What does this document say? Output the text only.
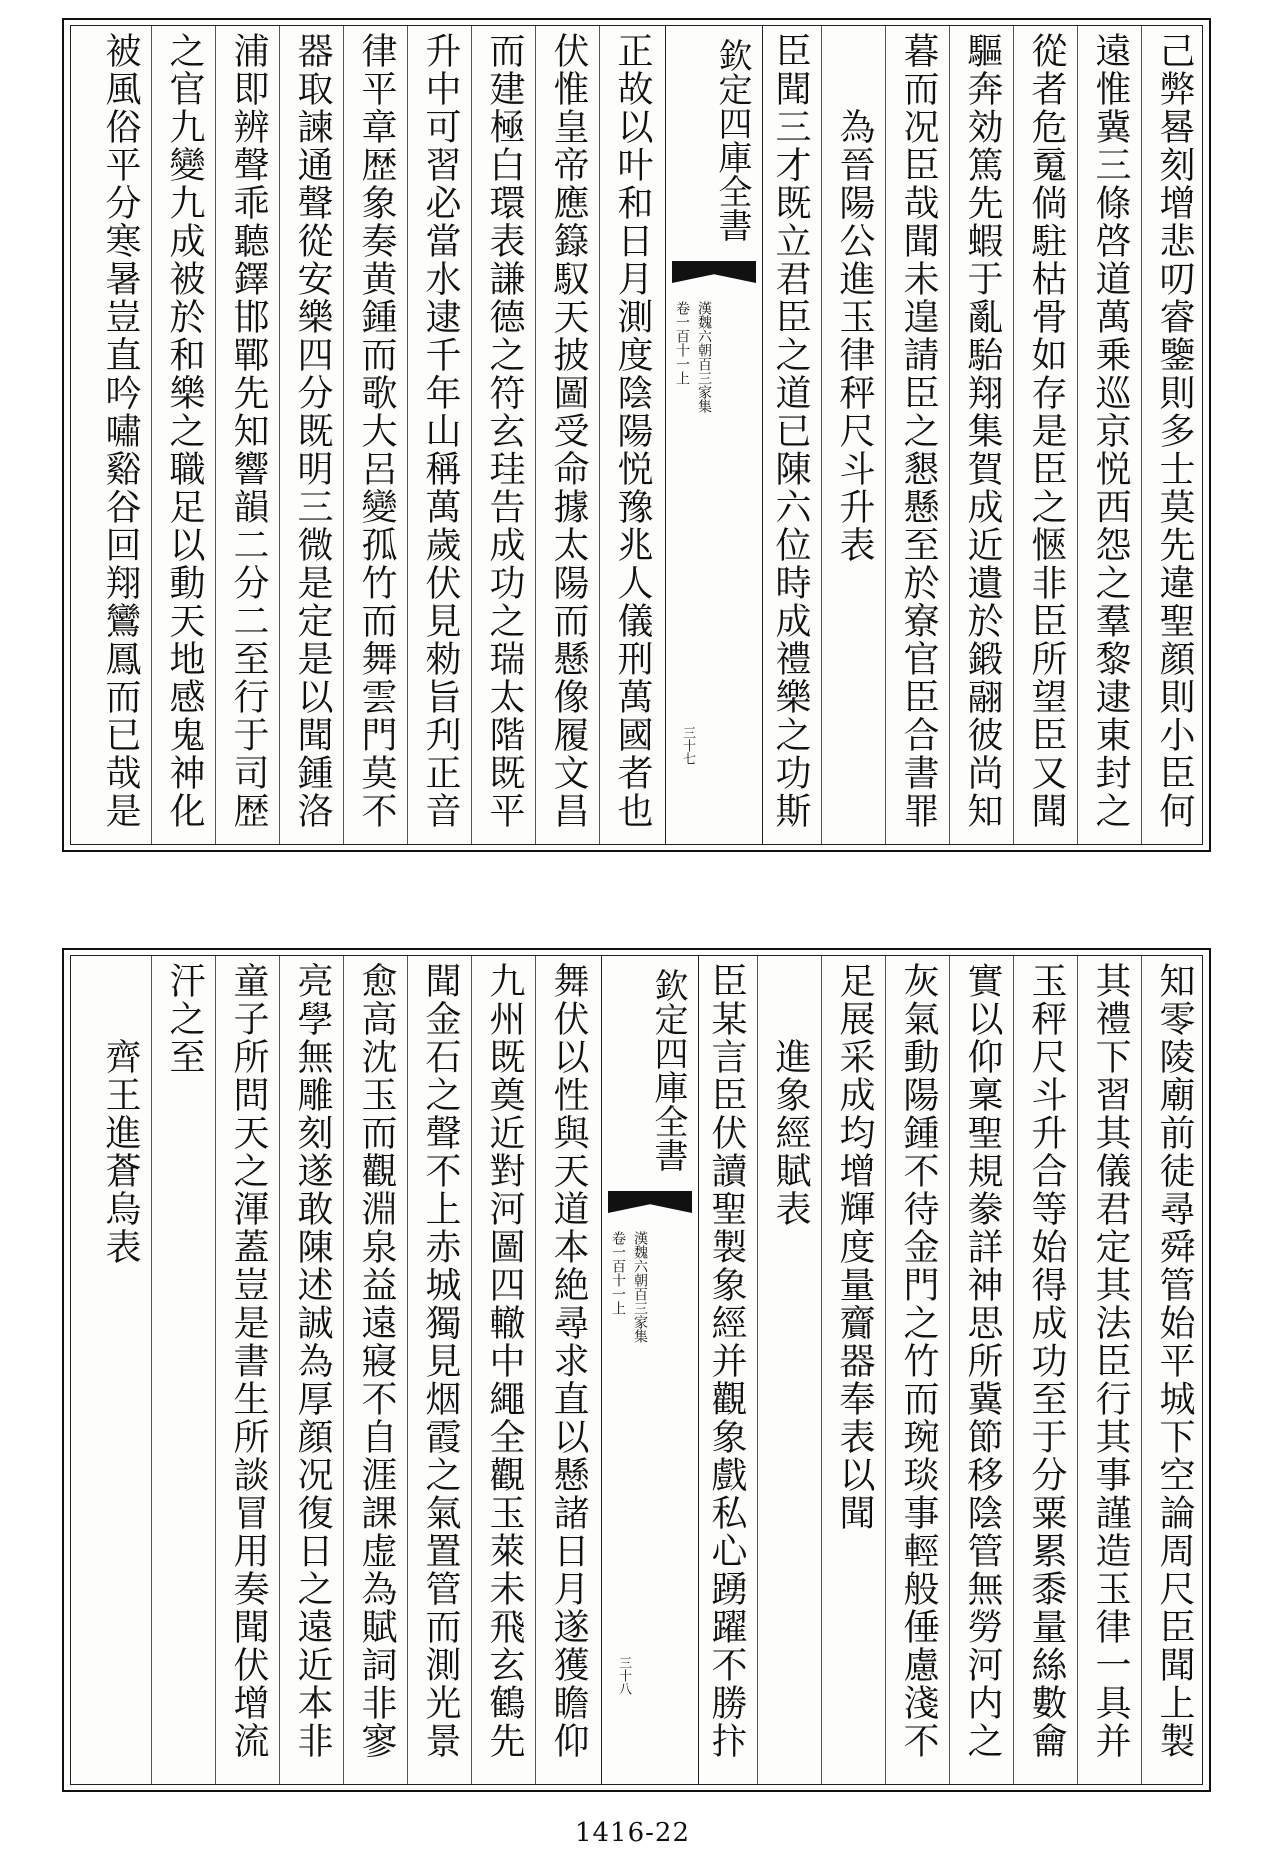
己弊晷刻增悲叨睿鑒則多士莫先違聖顔則小臣何
遠惟冀三條啓道萬乗巡京悦西怨之羣黎逮東封之
從者危䰟倘駐枯骨如存是臣之愜非臣所望臣又聞
驅奔効篤先蝦于亂駘翔集賀成近遺於鍛翮彼尚知
暮而况臣哉聞未遑請臣之懇懸至於寮官臣合書罪
　　為晉陽公進玉律秤尺斗升表
臣聞三才既立君臣之道已陳六位時成禮樂之功斯
欽定四庫全書
漢魏六朝百三家集
卷一百十一上
三十七
正故以叶和日月測度陰陽悦豫兆人儀刑萬國者也
伏惟皇帝應籙馭天披圖受命據太陽而懸像履文昌
而建極白環表謙德之符玄珪告成功之瑞太階既平
升中可習必當水逮千年山稱萬歲伏見勑旨刋正音
律平章歴象奏黄鍾而歌大呂變孤竹而舞雲門莫不
器取諫通聲從安樂四分既明三微是定是以聞鍾洛
浦即辨聲乖聽鐸邯鄲先知響韻二分二至行于司歴
之官九變九成被於和樂之職足以動天地感鬼神化
被風俗平分寒暑豈直吟嘯谿谷回翔鸞鳳而已哉是
知零陵廟前徒尋舜管始平城下空論周尺臣聞上製
其禮下習其儀君定其法臣行其事謹造玉律一具并
玉秤尺斗升合等始得成功至于分粟累黍量絲數龠
實以仰稟聖規豢詳神思所冀節移陰管無勞河内之
灰氣動陽鍾不待金門之竹而琬琰事輕般倕慮淺不
足展采成均增輝度量齎器奉表以聞
　　進象經賦表
臣某言臣伏讀聖製象經并觀象戲私心踴躍不勝抃
欽定四庫全書
漢魏六朝百三家集
卷一百十一上
三十八
舞伏以性與天道本絶尋求直以懸諸日月遂獲瞻仰
九州既奠近對河圖四轍中繩全觀玉萊未飛玄鶴先
聞金石之聲不上赤城獨見烟霞之氣置管而測光景
愈高沈玉而觀淵泉益遠寢不自涯課虚為賦詞非寥
亮學無雕刻遂敢陳述誠為厚顔况復日之遠近本非
童子所問天之渾蓋豈是書生所談冒用奏聞伏增流
汗之至
　　齊王進蒼烏表
1416-22
